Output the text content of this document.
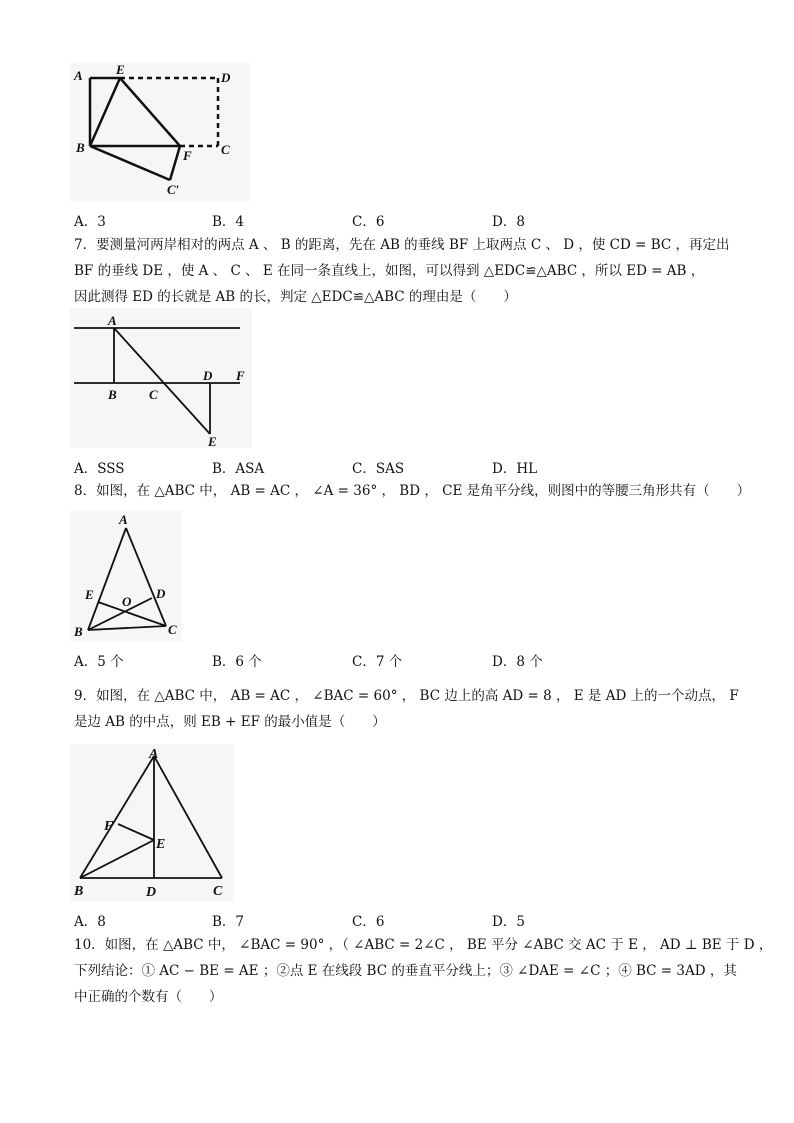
A	E
D
B
F C
C′
A．3	B．4	C．6	D．8
7．要测量河两岸相对的两点 A 、 B 的距离，先在 AB 的垂线 BF 上取两点 C 、 D ，使 CD = BC ，再定出
BF 的垂线 DE ，使 A 、 C 、 E 在同一条直线上，如图，可以得到 △EDC≌△ABC ，所以 ED = AB ，
因此测得 ED 的长就是 AB 的长，判定 △EDC≌△ABC 的理由是（　　）
A
B C
D F
E
A．SSS	B．ASA	C．SAS	D．HL
8．如图，在 △ABC 中， AB = AC ， ∠A = 36° ， BD ， CE 是角平分线，则图中的等腰三角形共有（　　）
A
E O
D
B	C
A．5 个	B．6 个	C．7 个	D．8 个
9．如图，在 △ABC 中， AB = AC ， ∠BAC = 60° ， BC 边上的高 AD = 8 ， E 是 AD 上的一个动点， F
是边 AB 的中点，则 EB + EF 的最小值是（　　）
A
F
E
B	D	C
A．8	B．7	C．6	D．5
10．如图，在 △ABC 中， ∠BAC = 90° ，（ ∠ABC = 2∠C ， BE 平分 ∠ABC 交 AC 于 E ， AD ⊥ BE 于 D ，
下列结论：① AC − BE = AE ；②点 E 在线段 BC 的垂直平分线上；③ ∠DAE = ∠C ；④ BC = 3AD ，其
中正确的个数有（　　）
